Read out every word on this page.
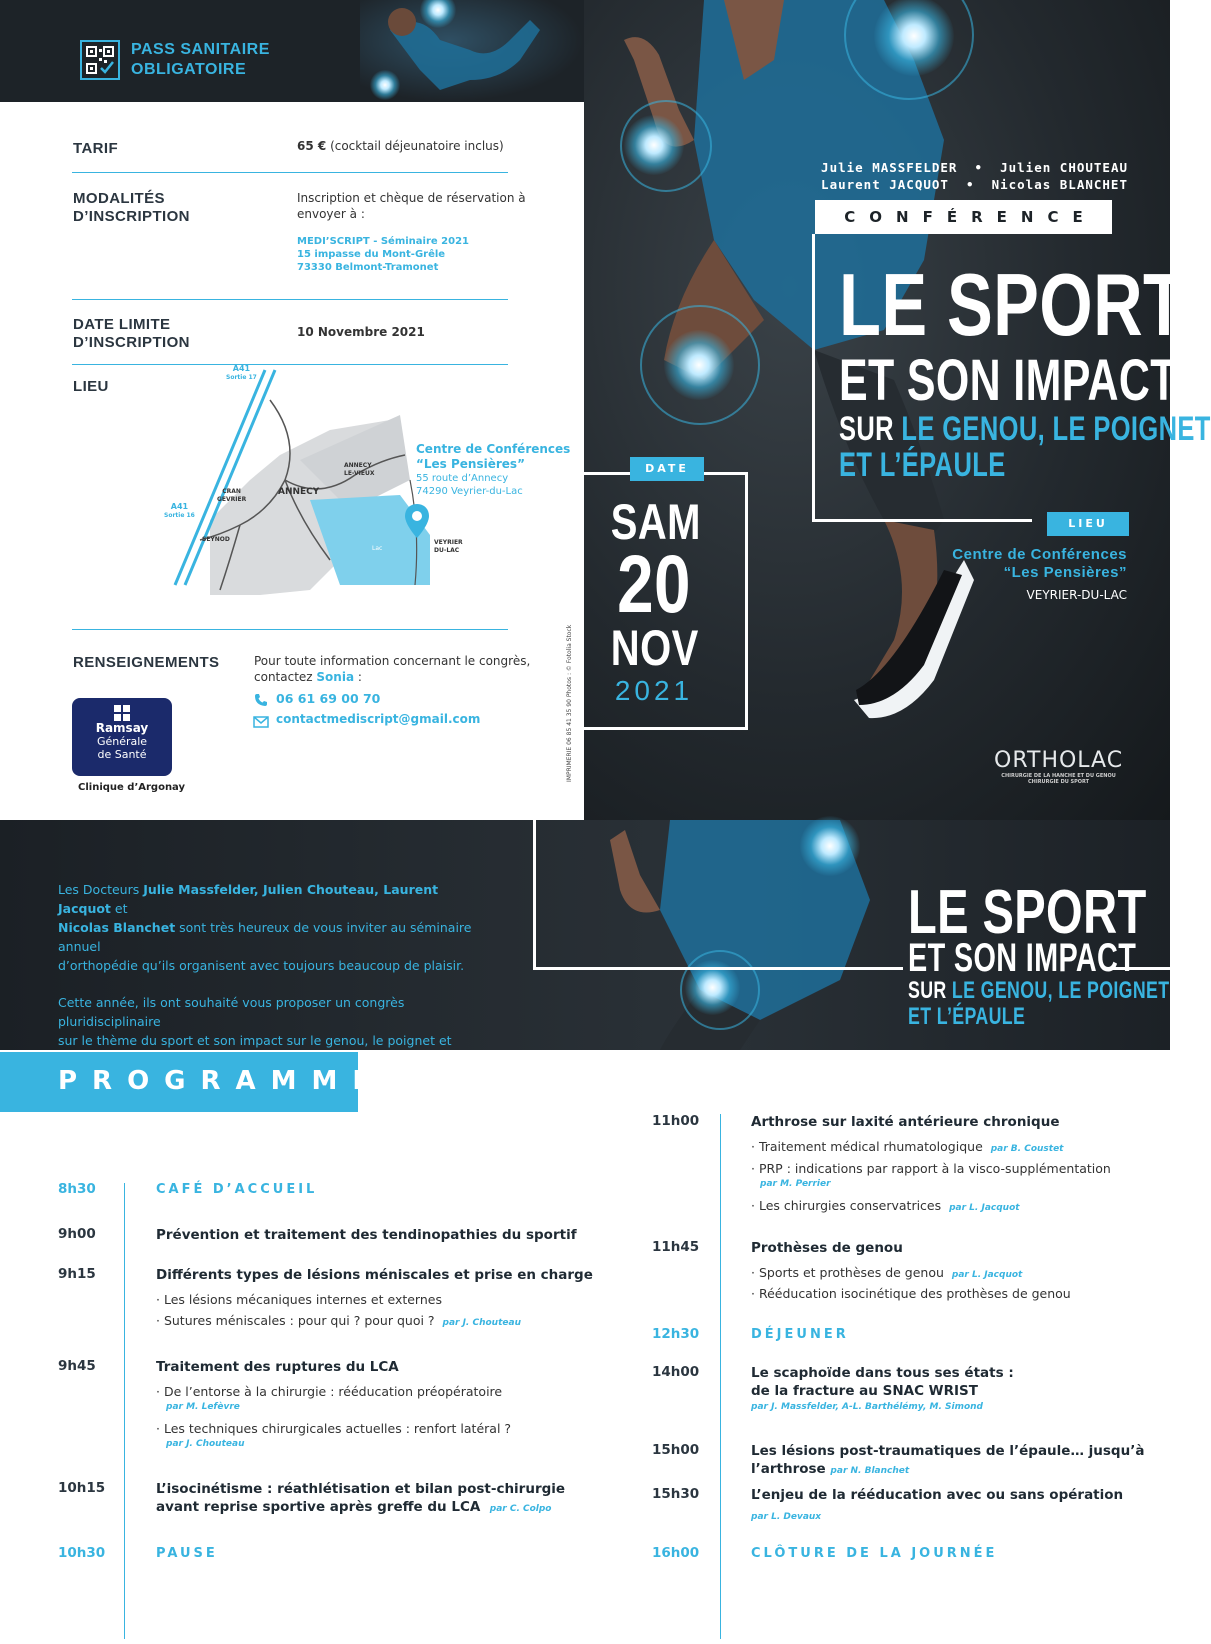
PASS SANITAIRE
OBLIGATOIRE
TARIF	65 € (cocktail déjeunatoire inclus)
MODALITÉS
D’INSCRIPTION
Inscription et chèque de réservation à
envoyer à :
MEDI’SCRIPT - Séminaire 2021
15 impasse du Mont-Grêle
73330 Belmont-Tramonet
DATE LIMITE
D’INSCRIPTION
10 Novembre 2021
LIEU
A41
Sortie 17
A41
Sortie 16
ANNECY
ANNECY
LE-VIEUX
CRAN
GEVRIER
SEYNOD
Lac
VEYRIER
DU-LAC
Centre de Conférences
“Les Pensières”
55 route d’Annecy
74290 Veyrier-du-Lac
RENSEIGNEMENTS	Pour toute information concernant le congrès,
contactez Sonia :
06 61 69 00 70
contactmediscript@gmail.com
Ramsay
Générale
de Santé
Clinique d’Argonay
IMPRIMERIE 06 85 41 35 90 Photos : © Fotolia Stock
Julie MASSFELDER  •  Julien CHOUTEAU
Laurent JACQUOT  •  Nicolas BLANCHET
CONFÉRENCE
LE SPORT
ET SON IMPACT
SUR LE GENOU, LE POIGNET
ET L’ÉPAULE
DATE
SAM
20
NOV
2021
LIEU
Centre de Conférences
“Les Pensières”
VEYRIER-DU-LAC
ORTHOLAC
CHIRURGIE DE LA HANCHE ET DU GENOU
CHIRURGIE DU SPORT
Les Docteurs Julie Massfelder, Julien Chouteau, Laurent Jacquot et
Nicolas Blanchet sont très heureux de vous inviter au séminaire annuel
d’orthopédie qu’ils organisent avec toujours beaucoup de plaisir.
Cette année, ils ont souhaité vous proposer un congrès pluridisciplinaire
sur le thème du sport et son impact sur le genou, le poignet et
LE SPORT
ET SON IMPACT
SUR LE GENOU, LE POIGNET
ET L’ÉPAULE
PROGRAMME
8h30	CAFÉ D’ACCUEIL
9h00	Prévention et traitement des tendinopathies du sportif
9h15	Différents types de lésions méniscales et prise en charge
· Les lésions mécaniques internes et externes
· Sutures méniscales : pour qui ? pour quoi ? par J. Chouteau
9h45	Traitement des ruptures du LCA
· De l’entorse à la chirurgie : rééducation préopératoire
par M. Lefèvre
· Les techniques chirurgicales actuelles : renfort latéral ?
par J. Chouteau
10h15	L’isocinétisme : réathlétisation et bilan post-chirurgie
avant reprise sportive après greffe du LCA par C. Colpo
10h30	PAUSE
11h00	Arthrose sur laxité antérieure chronique
· Traitement médical rhumatologique par B. Coustet
· PRP : indications par rapport à la visco-supplémentation
par M. Perrier
· Les chirurgies conservatrices par L. Jacquot
11h45	Prothèses de genou
· Sports et prothèses de genou par L. Jacquot
· Rééducation isocinétique des prothèses de genou
12h30	DÉJEUNER
14h00	Le scaphoïde dans tous ses états :
de la fracture au SNAC WRIST
par J. Massfelder, A-L. Barthélémy, M. Simond
15h00	Les lésions post-traumatiques de l’épaule… jusqu’à
l’arthrose par N. Blanchet
15h30	L’enjeu de la rééducation avec ou sans opération
par L. Devaux
16h00	CLÔTURE DE LA JOURNÉE
